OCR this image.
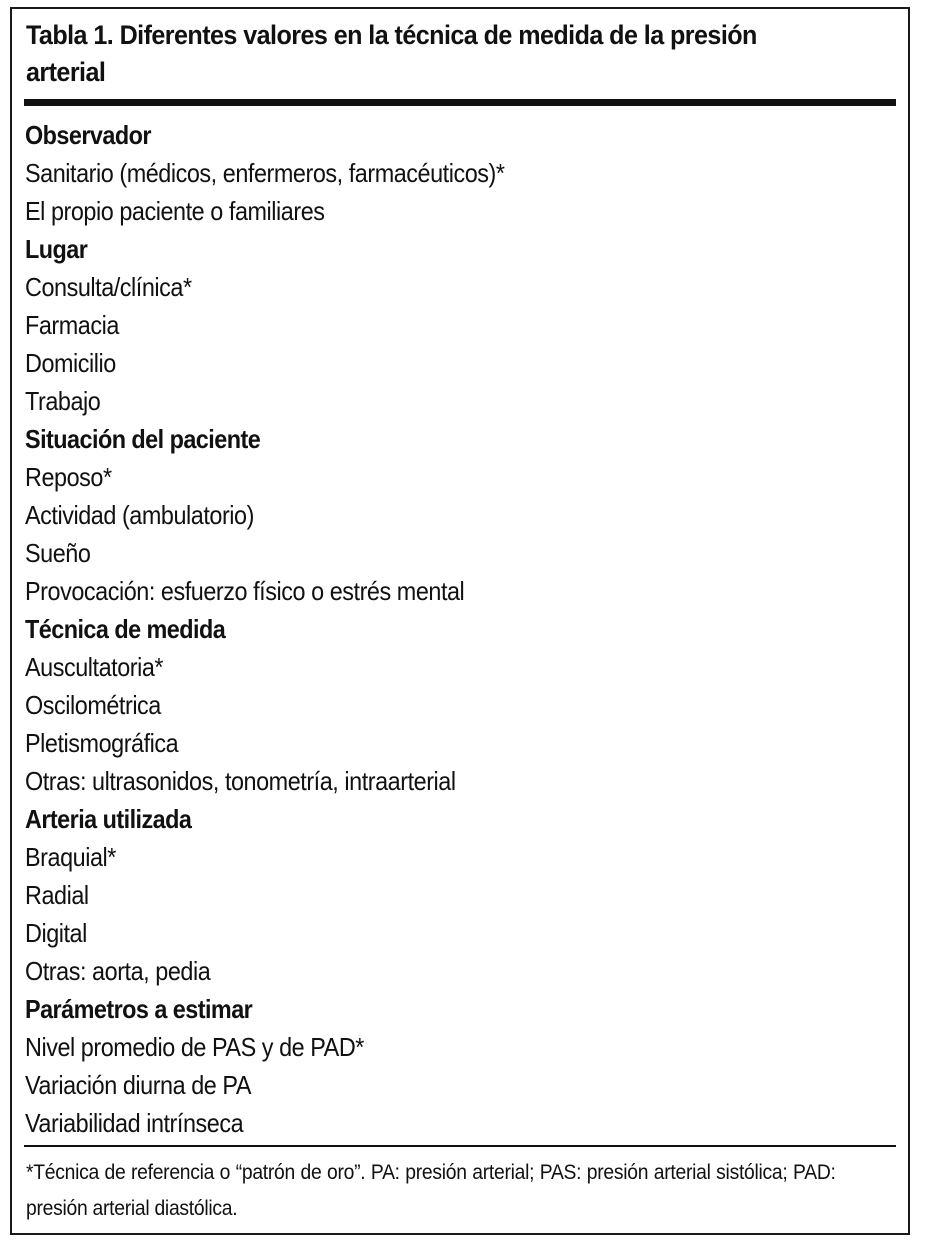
Tabla 1. Diferentes valores en la técnica de medida de la presión arterial
Observador
Sanitario (médicos, enfermeros, farmacéuticos)*
El propio paciente o familiares
Lugar
Consulta/clínica*
Farmacia
Domicilio
Trabajo
Situación del paciente
Reposo*
Actividad (ambulatorio)
Sueño
Provocación: esfuerzo físico o estrés mental
Técnica de medida
Auscultatoria*
Oscilométrica
Pletismográfica
Otras: ultrasonidos, tonometría, intraarterial
Arteria utilizada
Braquial*
Radial
Digital
Otras: aorta, pedia
Parámetros a estimar
Nivel promedio de PAS y de PAD*
Variación diurna de PA
Variabilidad intrínseca
*Técnica de referencia o “patrón de oro”. PA: presión arterial; PAS: presión arterial sistólica; PAD: presión arterial diastólica.
